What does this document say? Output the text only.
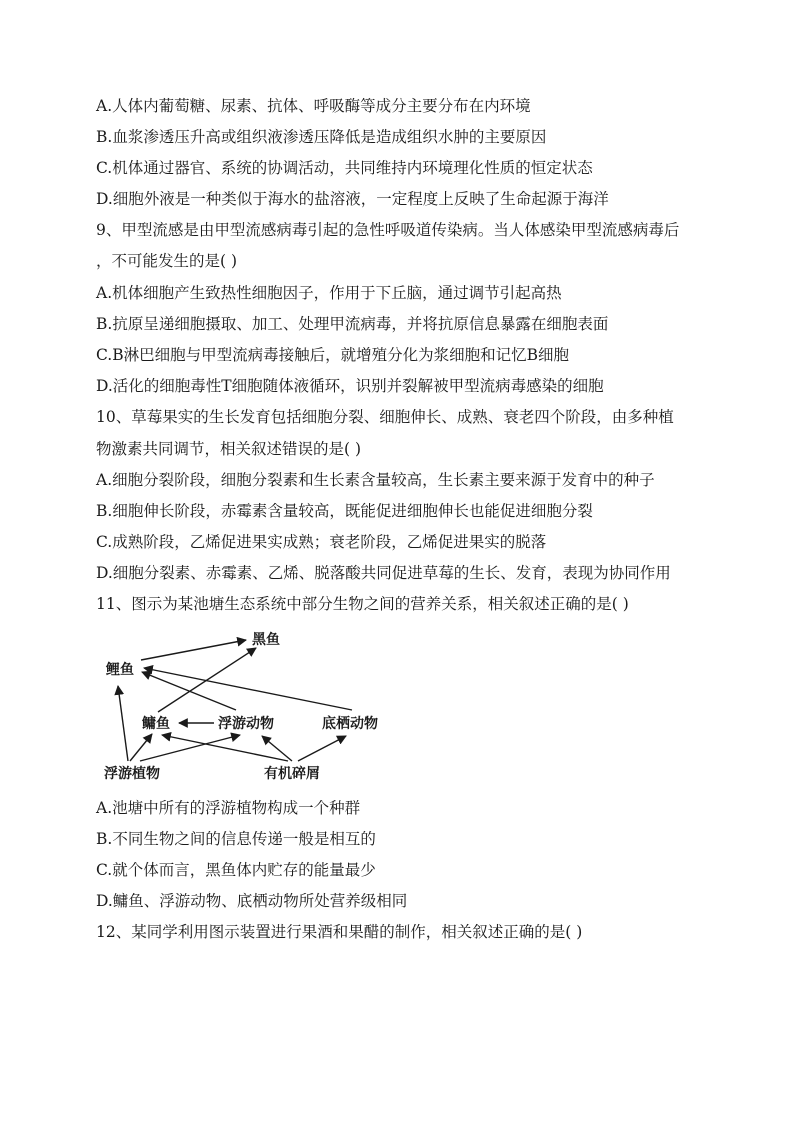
A.人体内葡萄糖、尿素、抗体、呼吸酶等成分主要分布在内环境
B.血浆渗透压升高或组织液渗透压降低是造成组织水肿的主要原因
C.机体通过器官、系统的协调活动，共同维持内环境理化性质的恒定状态
D.细胞外液是一种类似于海水的盐溶液，一定程度上反映了生命起源于海洋
9、甲型流感是由甲型流感病毒引起的急性呼吸道传染病。当人体感染甲型流感病毒后
，不可能发生的是( )
A.机体细胞产生致热性细胞因子，作用于下丘脑，通过调节引起高热
B.抗原呈递细胞摄取、加工、处理甲流病毒，并将抗原信息暴露在细胞表面
C.B淋巴细胞与甲型流病毒接触后，就增殖分化为浆细胞和记忆B细胞
D.活化的细胞毒性T细胞随体液循环，识别并裂解被甲型流病毒感染的细胞
10、草莓果实的生长发育包括细胞分裂、细胞伸长、成熟、衰老四个阶段，由多种植
物激素共同调节，相关叙述错误的是( )
A.细胞分裂阶段，细胞分裂素和生长素含量较高，生长素主要来源于发育中的种子
B.细胞伸长阶段，赤霉素含量较高，既能促进细胞伸长也能促进细胞分裂
C.成熟阶段，乙烯促进果实成熟；衰老阶段，乙烯促进果实的脱落
D.细胞分裂素、赤霉素、乙烯、脱落酸共同促进草莓的生长、发育，表现为协同作用
11、图示为某池塘生态系统中部分生物之间的营养关系，相关叙述正确的是( )
黑鱼
鲤鱼
鳙鱼	浮游动物	底栖动物
浮游植物	有机碎屑
A.池塘中所有的浮游植物构成一个种群
B.不同生物之间的信息传递一般是相互的
C.就个体而言，黑鱼体内贮存的能量最少
D.鳙鱼、浮游动物、底栖动物所处营养级相同
12、某同学利用图示装置进行果酒和果醋的制作，相关叙述正确的是( )
